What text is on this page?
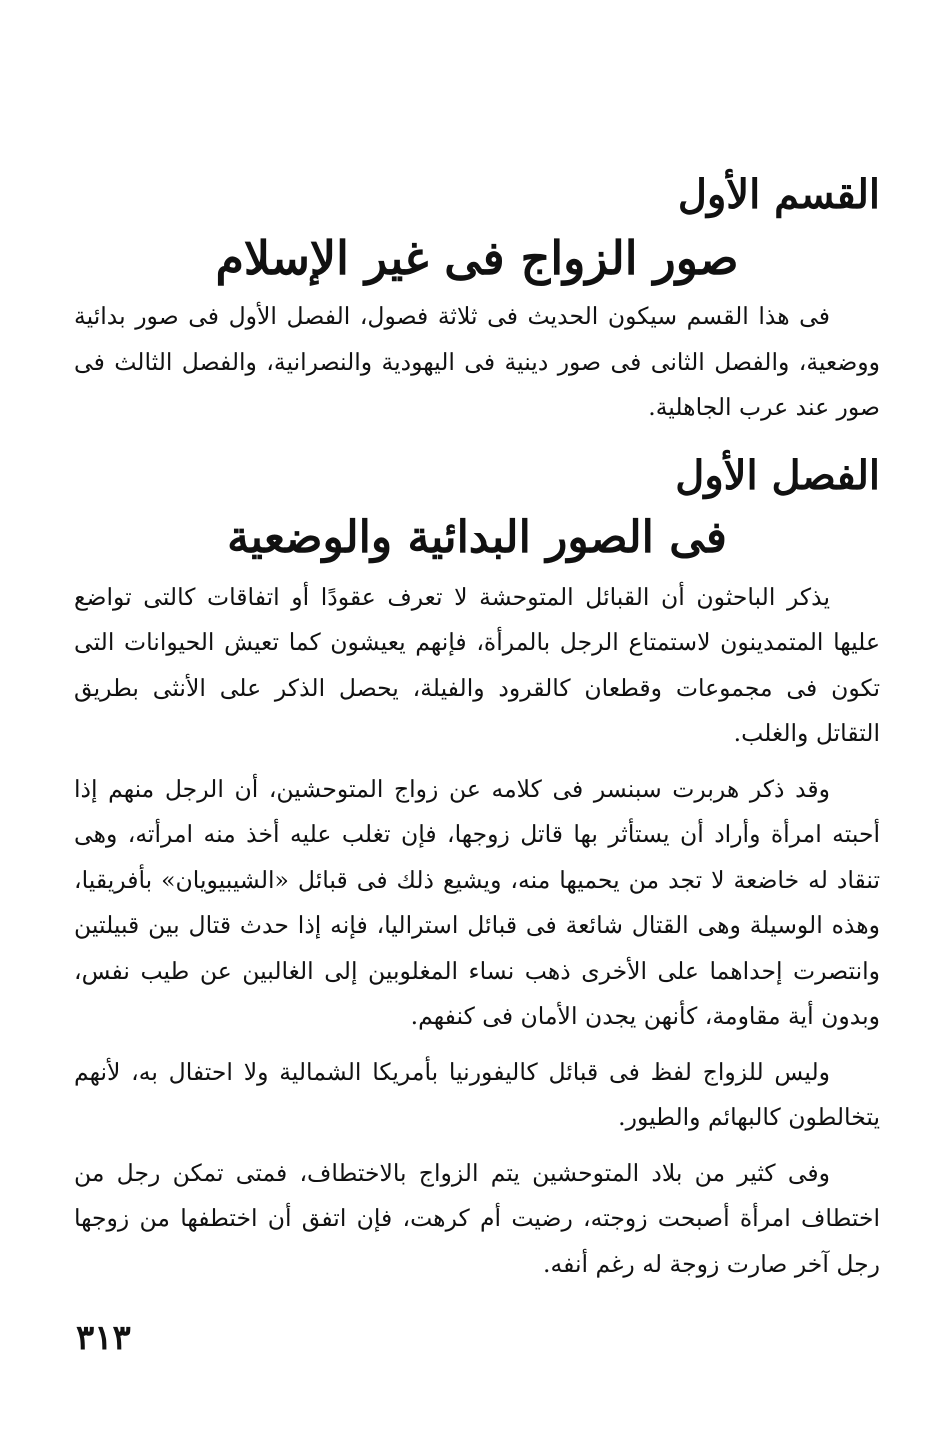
القسم الأول
صور الزواج فى غير الإسلام

فى هذا القسم سيكون الحديث فى ثلاثة فصول، الفصل الأول فى صور بدائية ووضعية، والفصل الثانى فى صور دينية فى اليهودية والنصرانية، والفصل الثالث فى صور عند عرب الجاهلية.

الفصل الأول
فى الصور البدائية والوضعية

يذكر الباحثون أن القبائل المتوحشة لا تعرف عقودًا أو اتفاقات كالتى تواضع عليها المتمدينون لاستمتاع الرجل بالمرأة، فإنهم يعيشون كما تعيش الحيوانات التى تكون فى مجموعات وقطعان كالقرود والفيلة، يحصل الذكر على الأنثى بطريق التقاتل والغلب.

وقد ذكر هربرت سبنسر فى كلامه عن زواج المتوحشين، أن الرجل منهم إذا أحبته امرأة وأراد أن يستأثر بها قاتل زوجها، فإن تغلب عليه أخذ منه امرأته، وهى تنقاد له خاضعة لا تجد من يحميها منه، ويشيع ذلك فى قبائل «الشيبيويان» بأفريقيا، وهذه الوسيلة وهى القتال شائعة فى قبائل استراليا، فإنه إذا حدث قتال بين قبيلتين وانتصرت إحداهما على الأخرى ذهب نساء المغلوبين إلى الغالبين عن طيب نفس، وبدون أية مقاومة، كأنهن يجدن الأمان فى كنفهم.

وليس للزواج لفظ فى قبائل كاليفورنيا بأمريكا الشمالية ولا احتفال به، لأنهم يتخالطون كالبهائم والطيور.

وفى كثير من بلاد المتوحشين يتم الزواج بالاختطاف، فمتى تمكن رجل من اختطاف امرأة أصبحت زوجته، رضيت أم كرهت، فإن اتفق أن اختطفها من زوجها رجل آخر صارت زوجة له رغم أنفه.

٣١٣
